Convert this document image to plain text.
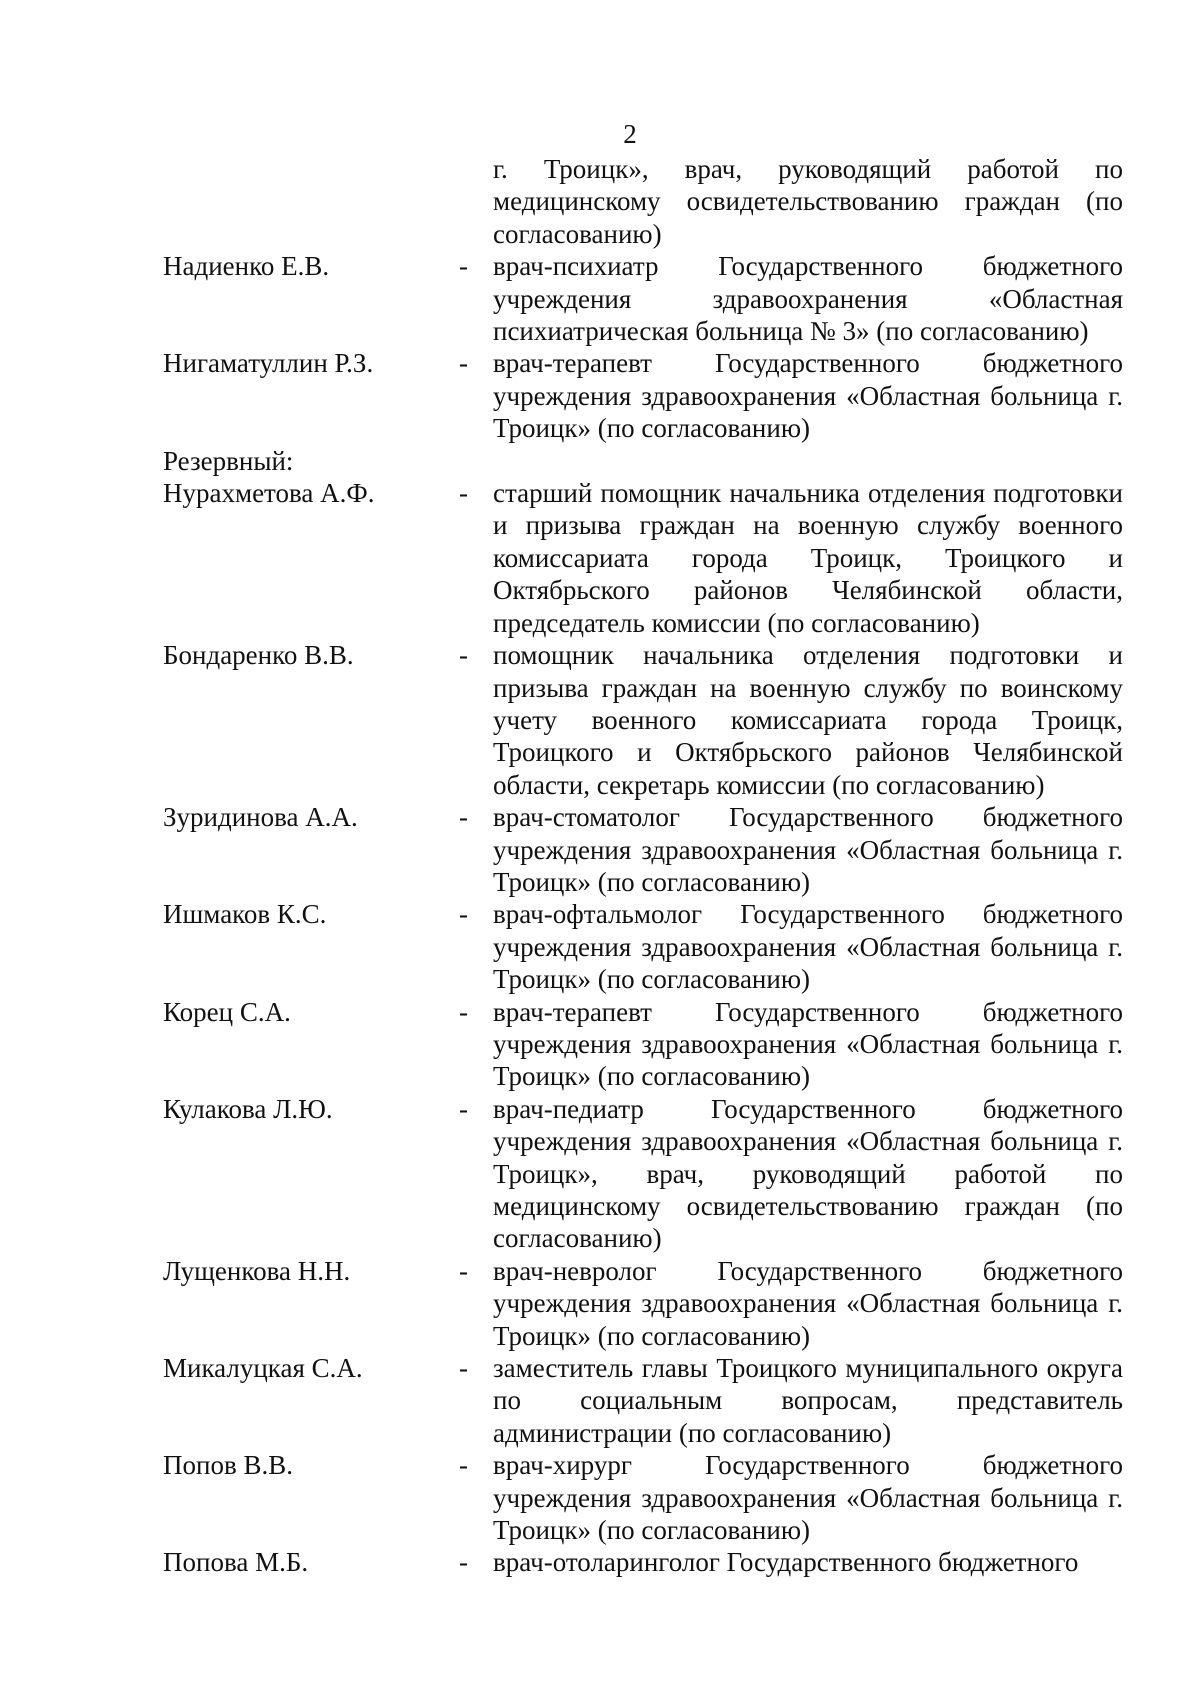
2
г. Троицк», врач, руководящий работой по медицинскому освидетельствованию граждан (по согласованию)
Надиенко Е.В.	- врач-психиатр Государственного бюджетного учреждения здравоохранения «Областная психиатрическая больница № 3» (по согласованию)
Нигаматуллин Р.З.	- врач-терапевт Государственного бюджетного учреждения здравоохранения «Областная больница г. Троицк» (по согласованию)
Резервный:
Нурахметова А.Ф.	- старший помощник начальника отделения подготовки и призыва граждан на военную службу военного комиссариата города Троицк, Троицкого и Октябрьского районов Челябинской области, председатель комиссии (по согласованию)
Бондаренко В.В.	- помощник начальника отделения подготовки и призыва граждан на военную службу по воинскому учету военного комиссариата города Троицк, Троицкого и Октябрьского районов Челябинской области, секретарь комиссии (по согласованию)
Зуридинова А.А.	- врач-стоматолог Государственного бюджетного учреждения здравоохранения «Областная больница г. Троицк» (по согласованию)
Ишмаков К.С.	- врач-офтальмолог Государственного бюджетного учреждения здравоохранения «Областная больница г. Троицк» (по согласованию)
Корец С.А.	- врач-терапевт Государственного бюджетного учреждения здравоохранения «Областная больница г. Троицк» (по согласованию)
Кулакова Л.Ю.	- врач-педиатр Государственного бюджетного учреждения здравоохранения «Областная больница г. Троицк», врач, руководящий работой по медицинскому освидетельствованию граждан (по согласованию)
Лущенкова Н.Н.	- врач-невролог Государственного бюджетного учреждения здравоохранения «Областная больница г. Троицк» (по согласованию)
Микалуцкая С.А.	- заместитель главы Троицкого муниципального округа по социальным вопросам, представитель администрации (по согласованию)
Попов В.В.	- врач-хирург Государственного бюджетного учреждения здравоохранения «Областная больница г. Троицк» (по согласованию)
Попова М.Б.	- врач-отоларинголог Государственного бюджетного
